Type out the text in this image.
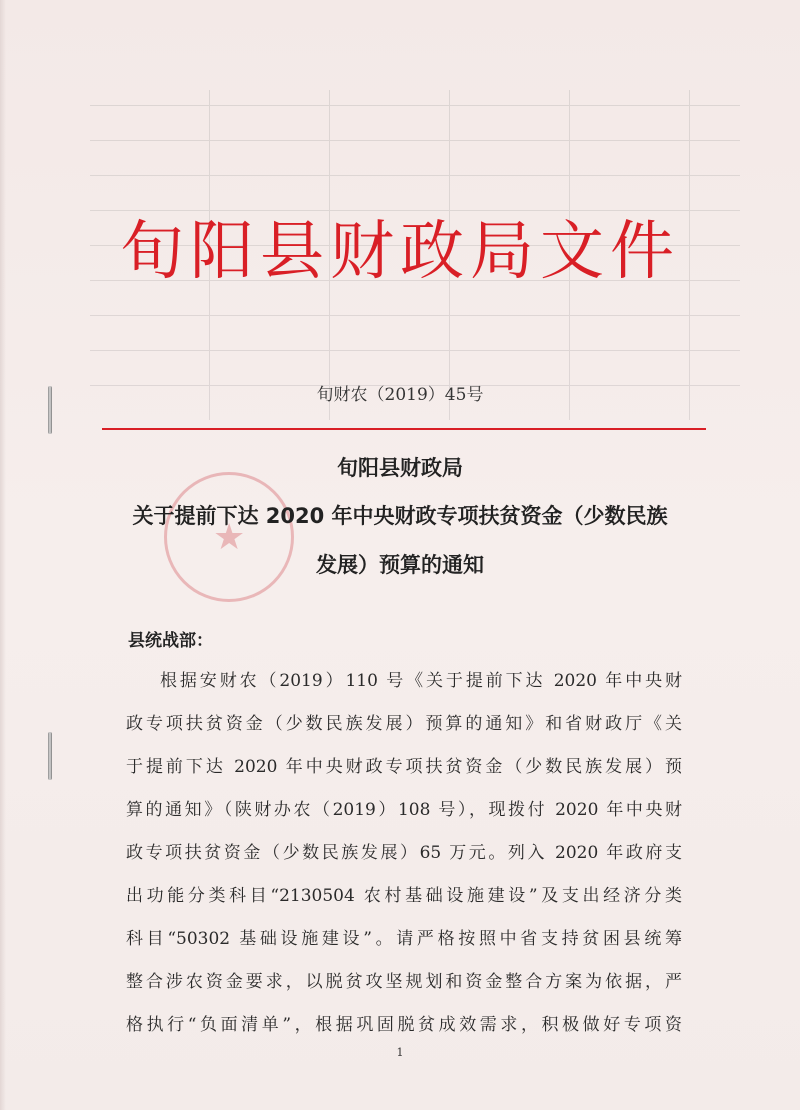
旬阳县财政局文件
旬财农（2019）45号
★
旬阳县财政局
关于提前下达 2020 年中央财政专项扶贫资金（少数民族
发展）预算的通知
县统战部：
根据安财农（2019）110 号《关于提前下达 2020 年中央财
政专项扶贫资金（少数民族发展）预算的通知》和省财政厅《关
于提前下达 2020 年中央财政专项扶贫资金（少数民族发展）预
算的通知》（陕财办农（2019）108 号），现拨付 2020 年中央财
政专项扶贫资金（少数民族发展）65 万元。列入 2020 年政府支
出功能分类科目“2130504 农村基础设施建设”及支出经济分类
科目“50302 基础设施建设”。请严格按照中省支持贫困县统筹
整合涉农资金要求，以脱贫攻坚规划和资金整合方案为依据，严
格执行“负面清单”，根据巩固脱贫成效需求，积极做好专项资
1
